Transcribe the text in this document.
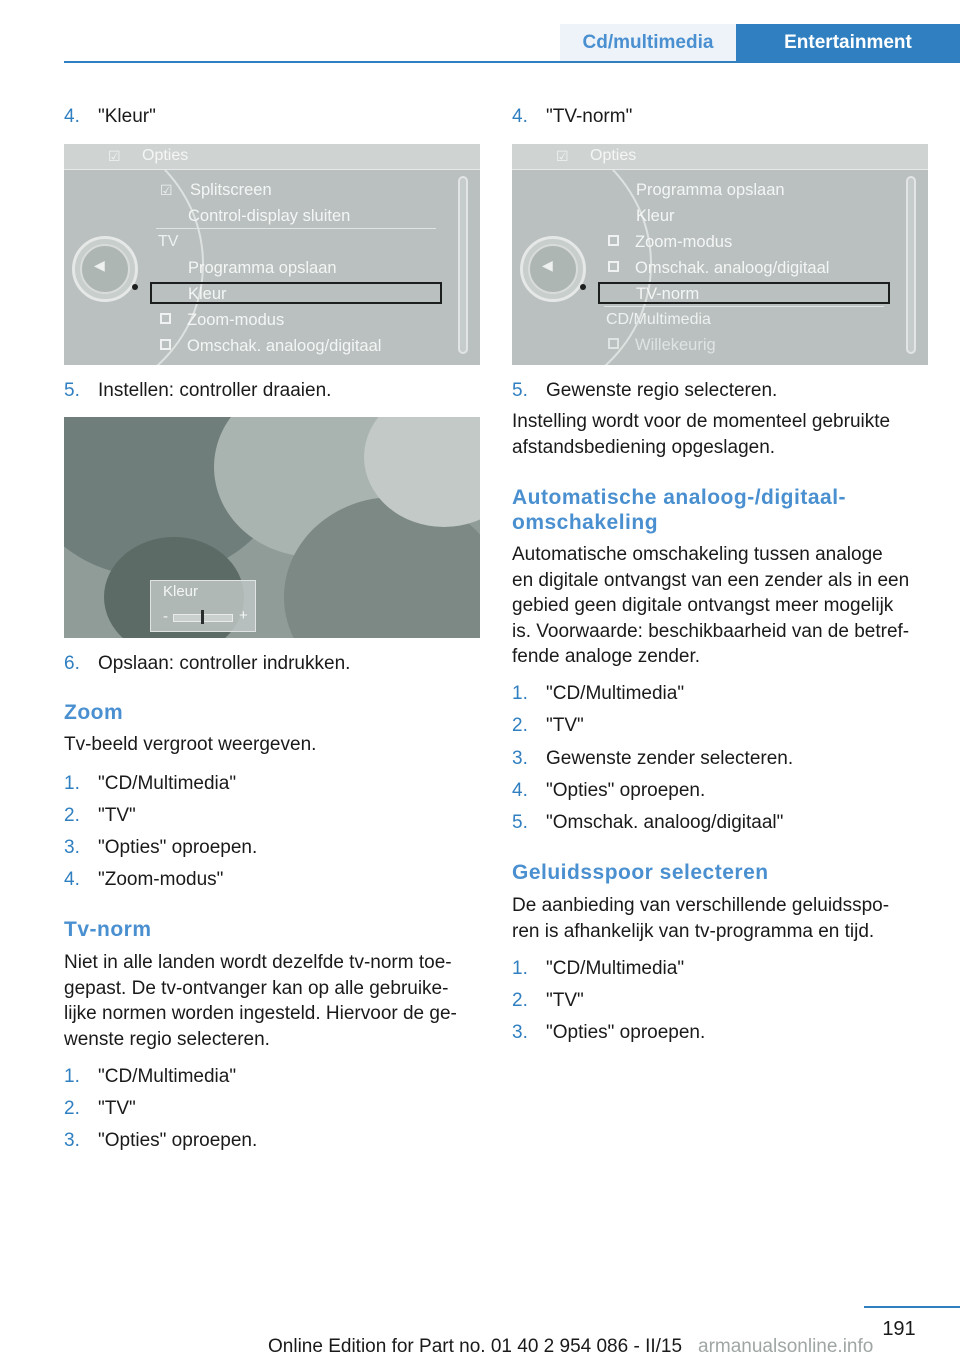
Cd/multimedia	Entertainment
4. "Kleur"
☑	Opties
◀
☑ Splitscreen
Control-display sluiten
TV
Programma opslaan
Kleur
Zoom-modus
Omschak. analoog/digitaal
5. Instellen: controller draaien.
Kleur
-	+
6. Opslaan: controller indrukken.
Zoom
Tv-beeld vergroot weergeven.
1. "CD/Multimedia"
2. "TV"
3. "Opties" oproepen.
4. "Zoom-modus"
Tv-norm
Niet in alle landen wordt dezelfde tv-norm toe‐
gepast. De tv-ontvanger kan op alle gebruike‐
lijke normen worden ingesteld. Hiervoor de ge‐
wenste regio selecteren.
1. "CD/Multimedia"
2. "TV"
3. "Opties" oproepen.
4. "TV-norm"
☑	Opties
◀
Programma opslaan
Kleur
Zoom-modus
Omschak. analoog/digitaal
TV-norm
CD/Multimedia
Willekeurig
5. Gewenste regio selecteren.
Instelling wordt voor de momenteel gebruikte
afstandsbediening opgeslagen.
Automatische analoog-/digitaal-
omschakeling
Automatische omschakeling tussen analoge
en digitale ontvangst van een zender als in een
gebied geen digitale ontvangst meer mogelijk
is. Voorwaarde: beschikbaarheid van de betref‐
fende analoge zender.
1. "CD/Multimedia"
2. "TV"
3. Gewenste zender selecteren.
4. "Opties" oproepen.
5. "Omschak. analoog/digitaal"
Geluidsspoor selecteren
De aanbieding van verschillende geluidsspo‐
ren is afhankelijk van tv-programma en tijd.
1. "CD/Multimedia"
2. "TV"
3. "Opties" oproepen.
191
Online Edition for Part no. 01 40 2 954 086 - II/15 armanualsonline.info
